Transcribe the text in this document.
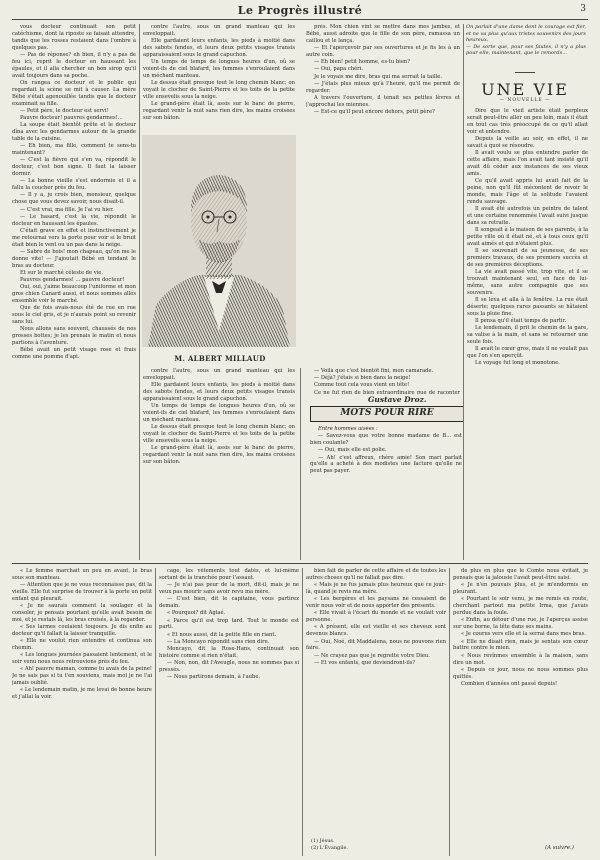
Le Progrès illustré	3

vous docteur continuait son petit catéchisme, dont la riposte se faisait attendre, tandis que les rosses restaient dans l'ombre à quelques pas.

— Pas de réponse? eh bien, il n'y a pas de feu ici, reprit le docteur en haussant les épaules, et il alla chercher un bon sirop qu'il avait toujours dans sa poche.

On rangea ce docteur et le public qui regardait la scène se mit à causer. La mère Bébé s'était agenouillée tandis que le docteur examinait sa fille.

— Petit père, le docteur est servi!

Pauvre docteur! pauvres gendarmes!...

La soupe était bientôt prête et le docteur dîna avec les gendarmes autour de la grande table de la cuisine.

— Eh bien, ma fille, comment te sens-tu maintenant?

— C'est la fièvre qui s'en va, répondit le docteur, c'est bon signe. Il faut la laisser dormir.

— La bonne vieille s'est endormie et il a fallu la coucher près du feu.

— Il y a, je crois bien, monsieur, quelque chose que vous devez savoir, nous disait-il.

— C'est vrai, ma fille. Je l'ai vu hier.

— Le hasard, c'est la vie, répondit le docteur en haussant les épaules.

C'était grave en effet et instinctivement je me retournai vers la porte pour voir si le bruit était bien le vent ou un pas dans la neige.

— Sabre de bois! mon chapeau, qu'on me le donne vite! — J'ajoutait Bébé en tendant le bras au docteur.

Et sur le marché céleste de vie.

Pauvres gendarmes! ... pauvre docteur!

Oui, oui, j'aime beaucoup l'uniforme et mon gros chien Canard aussi, et nous sommes allés ensemble voir le marché.

Que de fois avais-nous été de rue en rue sous le ciel gris, et je n'aurais point su revenir sans lui.

Nous allons sans souvent, chaussés de nos grosses bottes; je les prenais le matin et nous partions à l'aventure.

Bébé avait un petit visage rose et frais comme une pomme d'api.

contre l'autre, sous un grand manteau qui les enveloppait.

Elle gardaient leurs enfants, les pieds à moitié dans des sabots fendus, et leurs deux petits visages transis apparaissaient sous le grand capuchon.

Un temps de temps de longues heures d'un, oû se voient-ils de ciel blafard, les femmes s'enroulaient dans un méchant manteau.

Le dessus était presque tout le long chemin blanc; on voyait le clocher de Saint-Pierre et les toits de la petite ville ensevelis sous la neige.

Le grand-père était là, assis sur le banc de pierre, regardant venir la nuit sans rien dire, les mains croisées sur son bâton.

près. Mon chien vint se mettre dans mes jambes, et Bébé, aussi adroite que le fille de son père, ramassa un caillou et le lança.

— Et l'aperçevoir par ses ouvertures et je fis les à un autre coin.

— Eh bien! petit homme, es-tu bien?

— Oui, papa chéri.

Je le voyais me dire, bras qui ma serrait la taille.

— J'étais plus mieux qu'à l'heure, qu'il me permit de regarder.

A travers l'ouverture, il tenait ses petites lèvres et j'approchai les miennes.

— Est-ce qu'il peut encore dehors, petit père?

M. ALBERT MILLAUD

contre l'autre, sous un grand manteau qui les enveloppait.

Elle gardaient leurs enfants, les pieds à moitié dans des sabots fendus, et leurs deux petits visages transis apparaissaient sous le grand capuchon.

Un temps de temps de longues heures d'un, oû se voient-ils de ciel blafard, les femmes s'enroulaient dans un méchant manteau.

Le dessus était presque tout le long chemin blanc; on voyait le clocher de Saint-Pierre et les toits de la petite ville ensevelis sous la neige.

Le grand-père était là, assis sur le banc de pierre, regardant venir la nuit sans rien dire, les mains croisées sur son bâton.

— Voilà que c'est bientôt fini, mon camarade.

— Déjà? j'étais si bien dans la neige!

Comme tout cela vous vient en tête!

Ce ne fut rien de bien extraordinaire que de raconter

Gustave Droz.
MOTS POUR RIRE

Entre hommes aisées :

— Savez-vous que votre bonne madame de B... est bien coulante?

— Oui, mais elle est polie.

— Ah! c'est affreux, chère amie! Son mari parlait qu'elle a acheté à des modistes une facture qu'elle ne peut pas payer.

On parlait d'une dame dont le courage est fier, et ne va plus qu'aux tristes souvenirs des jours heureux.
— De sorte que, pour ses fautes, il n'y a plus pour elle, maintenant, que le remords...
UNE VIE
— NOUVELLE —

Dire que le vieil artiste était perpleux serait peut-être aller un peu loin, mais il était en tout cas très préoccupé de ce qu'il allait voir et entendre.

Depuis la veille au soir, en effet, il ne savait à quoi se résoudre.

Il avait voulu se plus entendre parler de cette affaire, mais l'on avait tant insisté qu'il avait dû céder aux instances de ses vieux amis.

Ce qu'il avait appris lui avait fait de la peine, non qu'il fût mécontent de revoir le monde, mais l'âge et la solitude l'avaient rendu sauvage.

Il avait été autrefois un peintre de talent et une certaine renommée l'avait suivi jusque dans sa retraite.

Il songeait à la maison de ses parents, à la petite ville où il était né, et à tous ceux qu'il avait aimés et qui n'étaient plus.

Il se souvenait de sa jeunesse, de ses premiers travaux, de ses premiers succès et de ses premières déceptions.

La vie avait passé vite, trop vite, et il se trouvait maintenant seul, en face de lui-même, sans autre compagnie que ses souvenirs.

Il se leva et alla à la fenêtre. La rue était déserte; quelques rares passants se hâtaient sous la pluie fine.

Il pensa qu'il était temps de partir.

Le lendemain, il prit le chemin de la gare, sa valise à la main, et sans se retourner une seule fois.

Il avait le cœur gros, mais il ne voulait pas que l'on s'en aperçût.

Le voyage fut long et monotone.

« Le femme marchait un peu en avant, le bras sous son manteau.

— Attention que je ne vous reconnaisse pas, dit la vieille. Elle fut surprise de trouver à la porte un petit enfant qui pleurait.

« Je ne saurais comment la soulager et la consoler, je pensais pourtant qu'elle avait besoin de moi, et je restais là, les bras croisés, à la regarder.

« Ses larmes coulaient toujours. Je dis enfin au docteur qu'il fallait la laisser tranquille.

« Elle ne voulut rien entendre et continua son chemin.

« Les longues journées passaient lentement, et le soir venu nous nous retrouvions près du feu.

« Ah! pauvre maman, comme tu avais de la peine! Je ne sais pas si tu t'en souviens, mais moi je ne l'ai jamais oublié.

« Le lendemain matin, je me levai de bonne heure et j'allai la voir.

cage, les vêtements tout datés, et lui-même sortant de la tranchée pour l'assaut.

— Je n'ai pas peur de la mort, dit-il, mais je ne veux pas mourir sans avoir revu ma mère.

— C'est bien, dit le capitaine, vous partirez demain.

« Pourquoi? dit Aglaé.

« Parce qu'il est trop tard. Tout le monde est parti.

« Et nous aussi, dit la petite fille en riant.

— La Moncayo répondit sans rien dire.

Moncayo, dit la Rose-Hans, continuait son histoire comme si rien n'était.

— Non, non, dit l'Aveugle, nous ne sommes pas si pressés.

— Nous partirons demain, à l'aube.

bien fait de parler de cette affaire et de toutes les autres choses qu'il ne fallait pas dire.

« Mais je ne fus jamais plus heureux que ce jour-là, quand je revis ma mère.

« Les bergères et les paysans ne cessaient de venir nous voir et de nous apporter des présents.

« Elle vivait à l'écart du monde et ne voulait voir personne.

« A présent, elle est vieille et ses cheveux sont devenus blancs.

— Oui, Noé, dit Maddalena, nous ne pouvons rien faire.

— Ne crayez pas que je regrette votre Dieu.

— Et vos enfants, que deviendront-ils?

(1) Jésus.
(2) L'Évangile.

de plus en plus que le Comte nous évitait, je pensais que la jalousie l'avait peut-être saisi.

« Je n'en pouvais plus, et je m'endormis en pleurant.

« Pourtant le soir venu, je me remis en route, cherchant partout ma petite Irma, que j'avais perdue dans la foule.

« Enfin, au détour d'une rue, je l'aperçus assise sur une borne, la tête dans ses mains.

« Je courus vers elle et la serrai dans mes bras.

« Elle ne disait rien, mais je sentais son cœur battre contre le mien.

« Nous revînmes ensemble à la maison, sans dire un mot.

« Depuis ce jour, nous ne nous sommes plus quittés.

Combien d'années ont passé depuis!

(A suivre.)
